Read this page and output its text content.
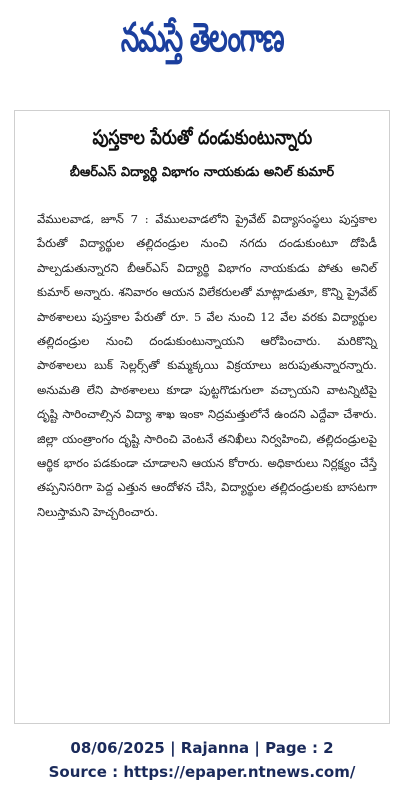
నమస్తే తెలంగాణ
పుస్తకాల పేరుతో దండుకుంటున్నారు
బీఆర్ఎస్ విద్యార్థి విభాగం నాయకుడు అనిల్ కుమార్
వేములవాడ, జూన్ 7 : వేములవాడలోని ప్రైవేట్ విద్యాసంస్థలు పుస్తకాల పేరుతో విద్యార్థుల తల్లిదండ్రుల నుంచి నగదు దండుకుంటూ దోపిడీ పాల్పడుతున్నారని బీఆర్ఎస్ విద్యార్థి విభాగం నాయకుడు పోతు అనిల్ కుమార్ అన్నారు. శనివారం ఆయన విలేకరులతో మాట్లాడుతూ, కొన్ని ప్రైవేట్ పాఠశాలలు పుస్తకాల పేరుతో రూ. 5 వేల నుంచి 12 వేల వరకు విద్యార్థుల తల్లిదండ్రుల నుంచి దండుకుంటున్నాయని ఆరోపించారు. మరికొన్ని పాఠశాలలు బుక్ సెల్లర్స్‌తో కుమ్మక్కయి విక్రయాలు జరుపుతున్నారన్నారు. అనుమతి లేని పాఠశాలలు కూడా పుట్టగొడుగులా వచ్చాయని వాటన్నిటిపై దృష్టి సారించాల్సిన విద్యా శాఖ ఇంకా నిద్రమత్తులోనే ఉందని ఎద్దేవా చేశారు. జిల్లా యంత్రాంగం దృష్టి సారించి వెంటనే తనిఖీలు నిర్వహించి, తల్లిదండ్రులపై ఆర్థిక భారం పడకుండా చూడాలని ఆయన కోరారు. అధికారులు నిర్లక్ష్యం చేస్తే తప్పనిసరిగా పెద్ద ఎత్తున ఆందోళన చేసి, విద్యార్థుల తల్లిదండ్రులకు బాసటగా నిలుస్తామని హెచ్చరించారు.
08/06/2025 | Rajanna | Page : 2
Source : https://epaper.ntnews.com/
